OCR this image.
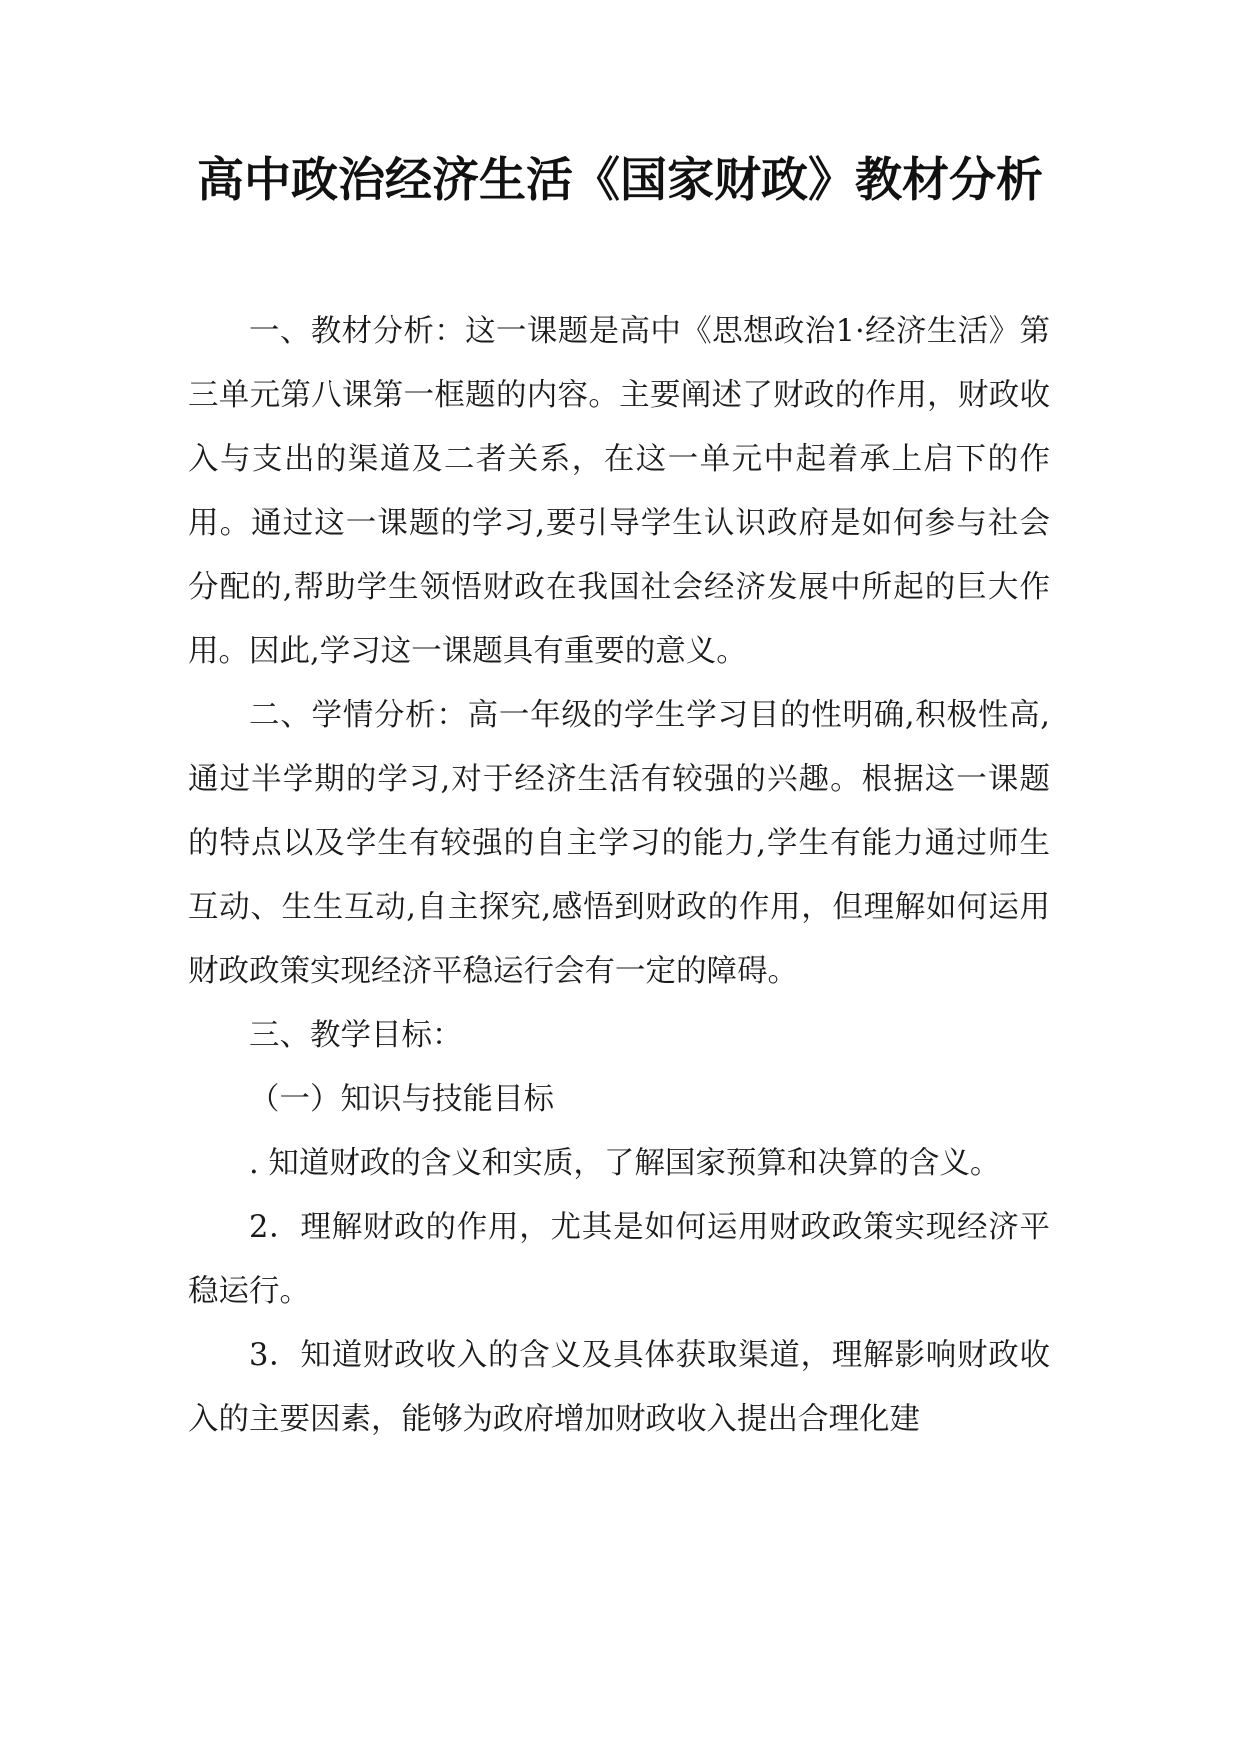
高中政治经济生活《国家财政》教材分析

一、教材分析：这一课题是高中《思想政治1·经济生活》第三单元第八课第一框题的内容。主要阐述了财政的作用，财政收入与支出的渠道及二者关系，在这一单元中起着承上启下的作用。通过这一课题的学习,要引导学生认识政府是如何参与社会分配的,帮助学生领悟财政在我国社会经济发展中所起的巨大作用。因此,学习这一课题具有重要的意义。

二、学情分析：高一年级的学生学习目的性明确,积极性高,通过半学期的学习,对于经济生活有较强的兴趣。根据这一课题的特点以及学生有较强的自主学习的能力,学生有能力通过师生互动、生生互动,自主探究,感悟到财政的作用，但理解如何运用财政政策实现经济平稳运行会有一定的障碍。

三、教学目标：

（一）知识与技能目标

. 知道财政的含义和实质，了解国家预算和决算的含义。

2．理解财政的作用，尤其是如何运用财政政策实现经济平稳运行。

3．知道财政收入的含义及具体获取渠道，理解影响财政收入的主要因素，能够为政府增加财政收入提出合理化建
